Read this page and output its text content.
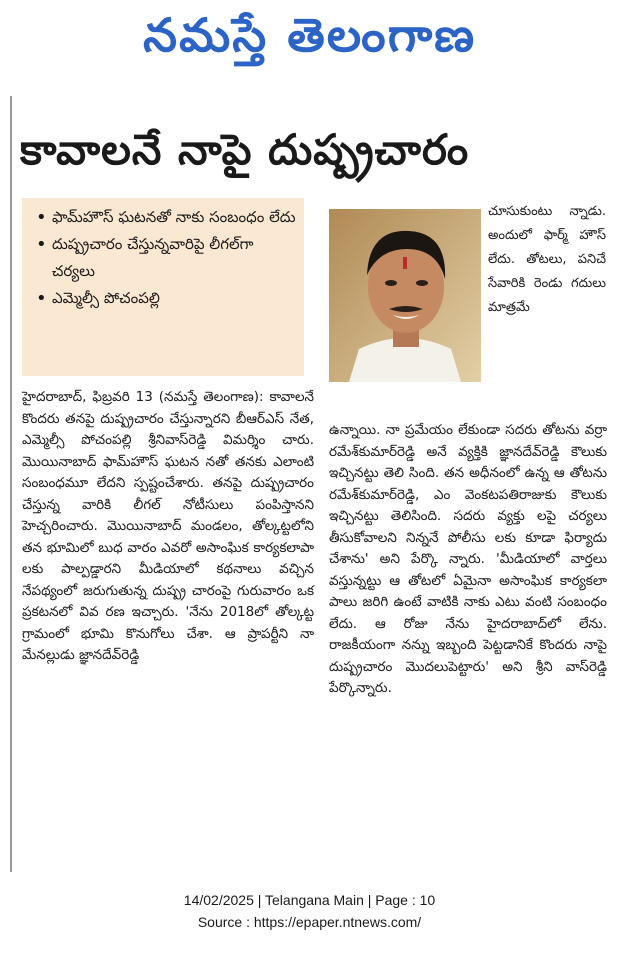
నమస్తే తెలంగాణ
కావాలనే నాపై దుష్ప్రచారం
• ఫామ్‌హౌస్ ఘటనతో నాకు సంబంధం లేదు
• దుష్ప్రచారం చేస్తున్నవారిపై లీగల్‌గా చర్యలు
• ఎమ్మెల్సీ పోచంపల్లి

చూసుకుంటు న్నాడు. అందులో ఫార్మ్ హౌస్ లేదు. తోటలు, పనిచే సేవారికి రెండు గదులు మాత్రమే

హైదరాబాద్, ఫిబ్రవరి 13 (నమస్తే తెలంగాణ): కావాలనే కొందరు తనపై దుష్ప్రచారం చేస్తున్నారని బీఆర్‌ఎస్ నేత, ఎమ్మెల్సీ పోచంపల్లి శ్రీనివాస్‌రెడ్డి విమర్శిం చారు. మొయినాబాద్ ఫామ్‌హౌస్ ఘటన నతో తనకు ఎలాంటి సంబంధమూ లేదని స్పష్టంచేశారు. తనపై దుష్ప్రచారం చేస్తున్న వారికి లీగల్ నోటీసులు పంపిస్తానని హెచ్చరించారు. మొయినాబాద్ మండలం, తోల్కట్టలోని తన భూమిలో బుధ వారం ఎవరో అసాంఘిక కార్యకలాపా లకు పాల్పడ్డారని మీడియాలో కథనాలు వచ్చిన నేపథ్యంలో జరుగుతున్న దుష్ప్ర చారంపై గురువారం ఒక ప్రకటనలో వివ రణ ఇచ్చారు. 'నేను 2018లో తోల్కట్ట గ్రామంలో భూమి కొనుగోలు చేశా. ఆ ప్రాపర్టీని నా మేనల్లుడు జ్ఞానదేవ్‌రెడ్డి

ఉన్నాయి. నా ప్రమేయం లేకుండా సదరు తోటను వర్రా రమేశ్‌కుమార్‌రెడ్డి అనే వ్యక్తికి జ్ఞానదేవ్‌రెడ్డి కౌలుకు ఇచ్చినట్టు తెలి సింది. తన అధీనంలో ఉన్న ఆ తోటను రమేశ్‌కుమార్‌రెడ్డి, ఎం వెంకటపతిరాజుకు కౌలుకు ఇచ్చినట్టు తెలిసింది. సదరు వ్యక్తు లపై చర్యలు తీసుకోవాలని నిన్ననే పోలీసు లకు కూడా ఫిర్యాదు చేశాను' అని పేర్కొ న్నారు. 'మీడియాలో వార్తలు వస్తున్నట్టు ఆ తోటలో ఏమైనా అసాంఘిక కార్యకలా పాలు జరిగి ఉంటే వాటికి నాకు ఎటు వంటి సంబంధం లేదు. ఆ రోజు నేను హైదరాబాద్‌లో లేను. రాజకీయంగా నన్ను ఇబ్బంది పెట్టడానికే కొందరు నాపై దుష్ప్రచారం మొదలుపెట్టారు' అని శ్రీని వాస్‌రెడ్డి పేర్కొన్నారు.

14/02/2025 | Telangana Main | Page : 10
Source : https://epaper.ntnews.com/
